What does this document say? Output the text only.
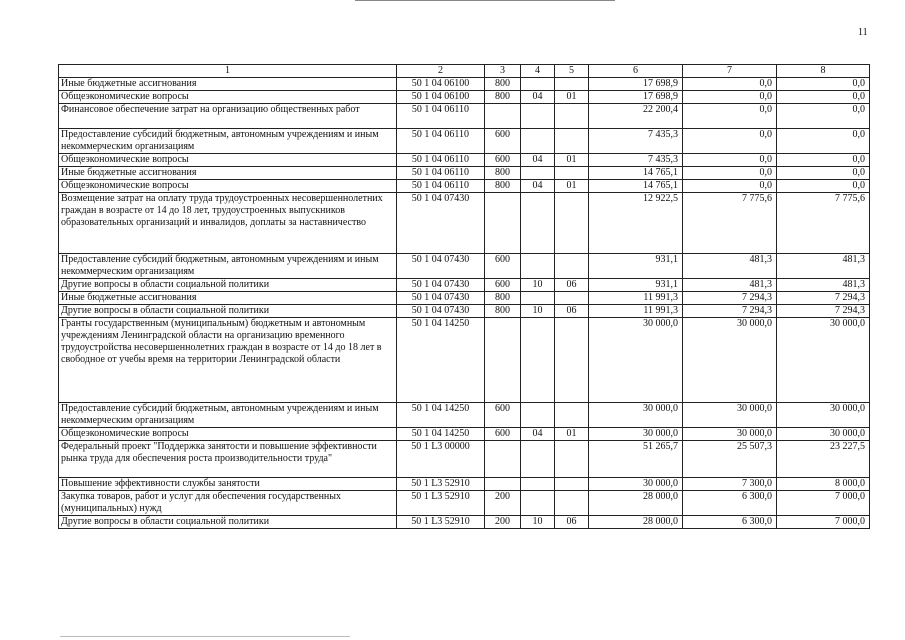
11
1	2	3	4	5	6	7	8
Иные бюджетные ассигнования	50 1 04 06100	800			17 698,9	0,0	0,0
Общеэкономические вопросы	50 1 04 06100	800	04	01	17 698,9	0,0	0,0
Финансовое обеспечение затрат на организацию общественных работ	50 1 04 06110				22 200,4	0,0	0,0
Предоставление субсидий бюджетным, автономным учреждениям и иным некоммерческим организациям	50 1 04 06110	600			7 435,3	0,0	0,0
Общеэкономические вопросы	50 1 04 06110	600	04	01	7 435,3	0,0	0,0
Иные бюджетные ассигнования	50 1 04 06110	800			14 765,1	0,0	0,0
Общеэкономические вопросы	50 1 04 06110	800	04	01	14 765,1	0,0	0,0
Возмещение затрат на оплату труда трудоустроенных несовершеннолетних граждан в возрасте от 14 до 18 лет, трудоустроенных выпускников образовательных организаций и инвалидов, доплаты за наставничество	50 1 04 07430				12 922,5	7 775,6	7 775,6
Предоставление субсидий бюджетным, автономным учреждениям и иным некоммерческим организациям	50 1 04 07430	600			931,1	481,3	481,3
Другие вопросы в области социальной политики	50 1 04 07430	600	10	06	931,1	481,3	481,3
Иные бюджетные ассигнования	50 1 04 07430	800			11 991,3	7 294,3	7 294,3
Другие вопросы в области социальной политики	50 1 04 07430	800	10	06	11 991,3	7 294,3	7 294,3
Гранты государственным (муниципальным) бюджетным и автономным учреждениям Ленинградской области на организацию временного трудоустройства несовершеннолетних граждан в возрасте от 14 до 18 лет в свободное от учебы время на территории Ленинградской области	50 1 04 14250				30 000,0	30 000,0	30 000,0
Предоставление субсидий бюджетным, автономным учреждениям и иным некоммерческим организациям	50 1 04 14250	600			30 000,0	30 000,0	30 000,0
Общеэкономические вопросы	50 1 04 14250	600	04	01	30 000,0	30 000,0	30 000,0
Федеральный проект "Поддержка занятости и повышение эффективности рынка труда для обеспечения роста производительности труда"	50 1 L3 00000				51 265,7	25 507,3	23 227,5
Повышение эффективности службы занятости	50 1 L3 52910				30 000,0	7 300,0	8 000,0
Закупка товаров, работ и услуг для обеспечения государственных (муниципальных) нужд	50 1 L3 52910	200			28 000,0	6 300,0	7 000,0
Другие вопросы в области социальной политики	50 1 L3 52910	200	10	06	28 000,0	6 300,0	7 000,0
